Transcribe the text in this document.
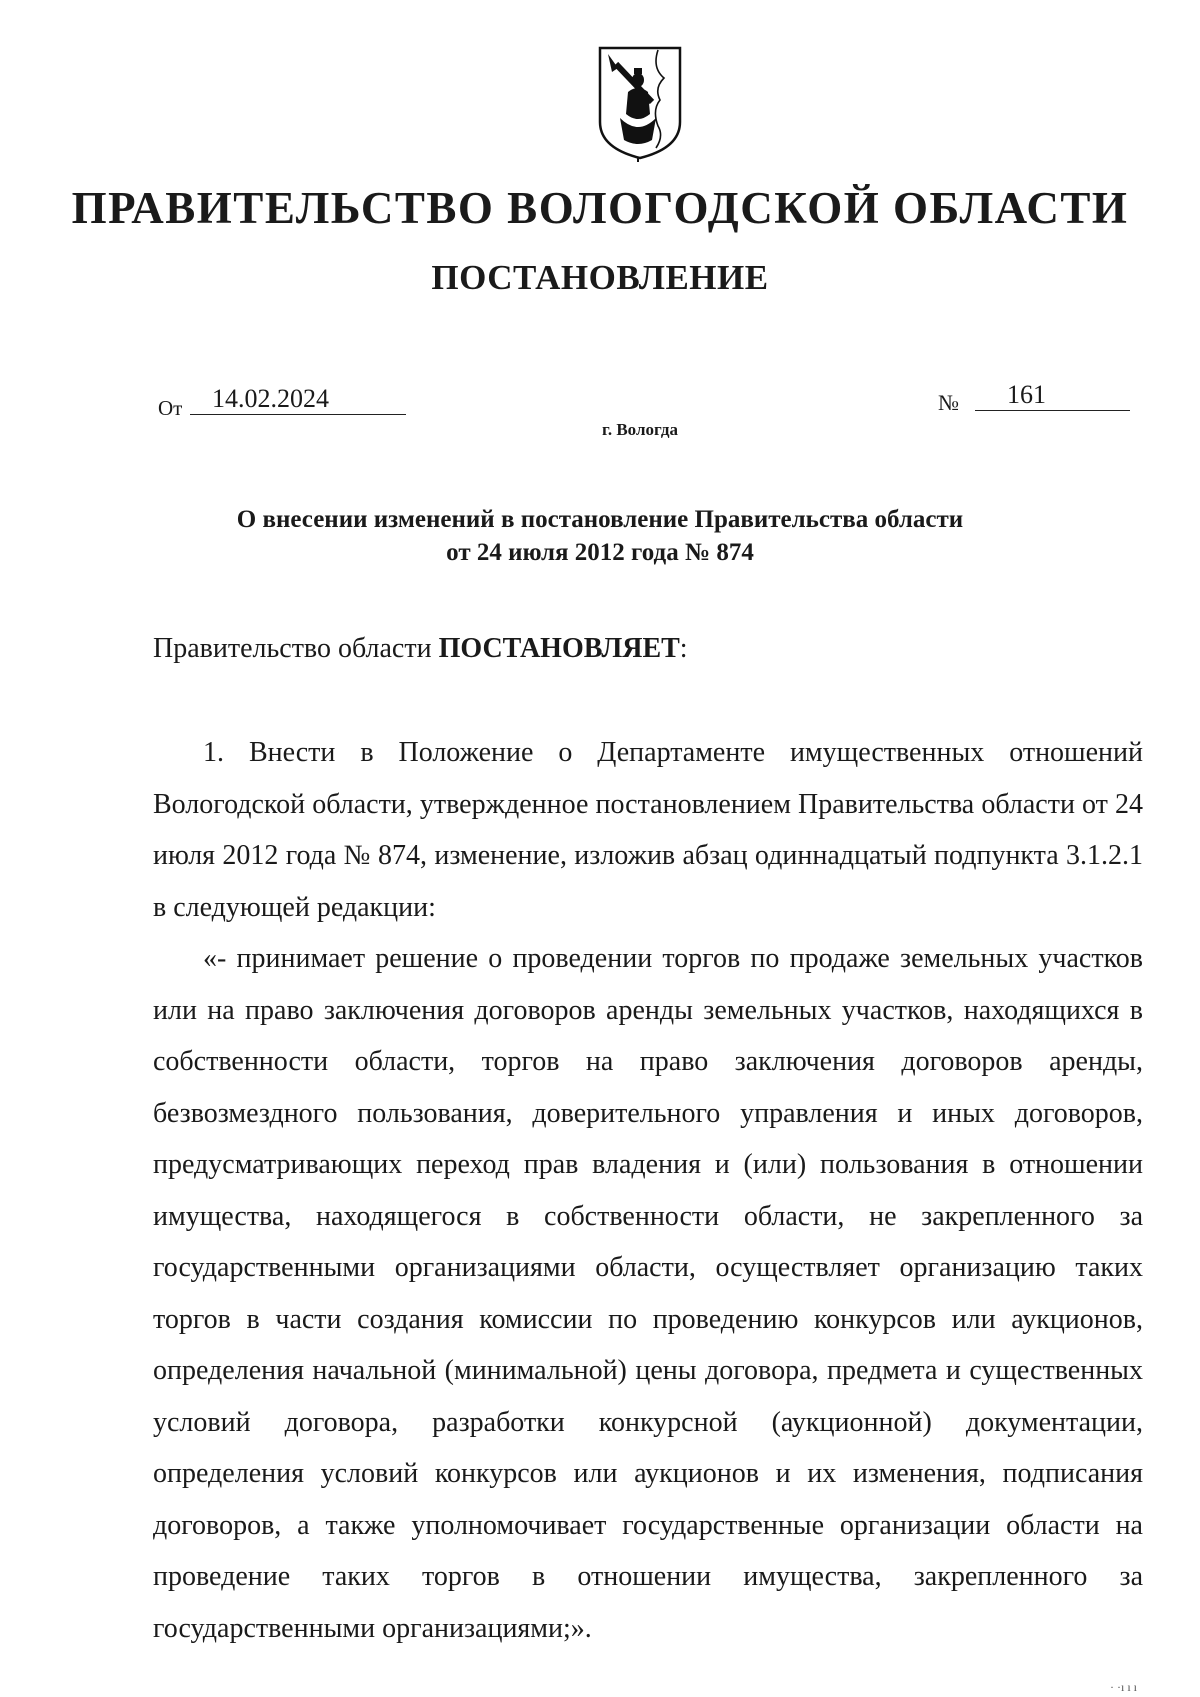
ПРАВИТЕЛЬСТВО ВОЛОГОДСКОЙ ОБЛАСТИ
ПОСТАНОВЛЕНИЕ
От	14.02.2024	№	161
г. Вологда
О внесении изменений в постановление Правительства области
от 24 июля 2012 года № 874
Правительство области ПОСТАНОВЛЯЕТ:

1. Внести в Положение о Департаменте имущественных отношений Вологодской области, утвержденное постановлением Правительства области от 24 июля 2012 года № 874, изменение, изложив абзац одиннадцатый подпункта 3.1.2.1 в следующей редакции:

«- принимает решение о проведении торгов по продаже земельных участков или на право заключения договоров аренды земельных участков, находящихся в собственности области, торгов на право заключения договоров аренды, безвозмездного пользования, доверительного управления и иных договоров, предусматривающих переход прав владения и (или) пользования в отношении имущества, находящегося в собственности области, не закрепленного за государственными организациями области, осуществляет организацию таких торгов в части создания комиссии по проведению конкурсов или аукционов, определения начальной (минимальной) цены договора, предмета и существенных условий договора, разработки конкурсной (аукционной) документации, определения условий конкурсов или аукционов и их изменения, подписания договоров, а также уполномочивает государственные организации области на проведение таких торгов в отношении имущества, закрепленного за государственными организациями;».

· ·ı ı ı
